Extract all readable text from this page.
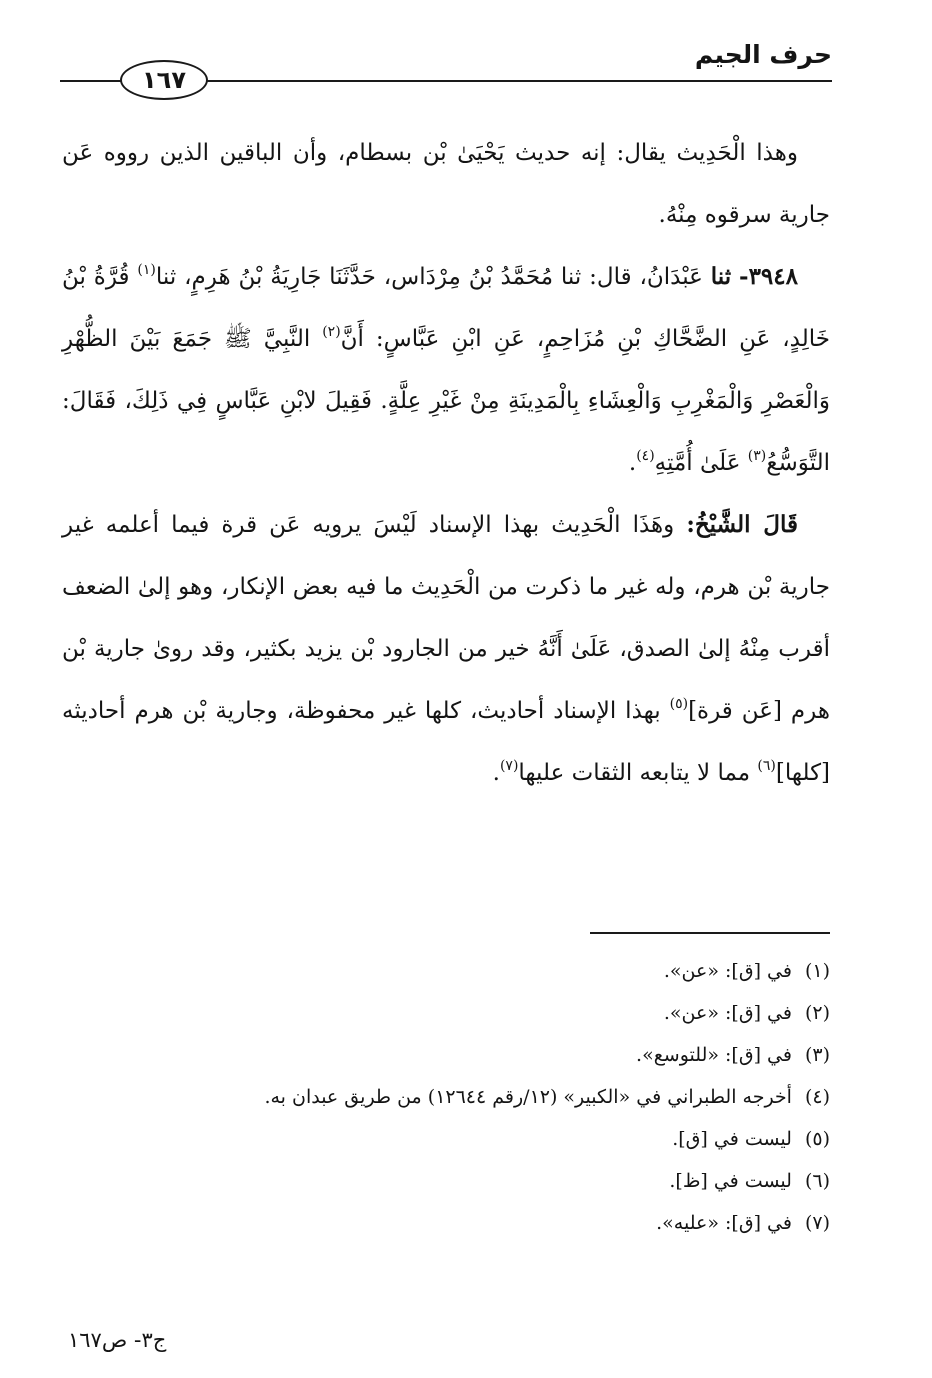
حرف الجيم
١٦٧

وهذا الْحَدِيث يقال: إنه حديث يَحْيَىٰ بْن بسطام، وأن الباقين الذين رووه عَن جارية سرقوه مِنْهُ.

٣٩٤٨- ثنا عَبْدَانُ، قال: ثنا مُحَمَّدُ بْنُ مِرْدَاس، حَدَّثَنَا جَارِيَةُ بْنُ هَرِمٍ، ثنا$^{(١)}$ قُرَّةُ بْنُ خَالِدٍ، عَنِ الضَّحَّاكِ بْنِ مُزَاحِمٍ، عَنِ ابْنِ عَبَّاسٍ: أَنَّ$^{(٢)}$ النَّبِيَّ ﷺ جَمَعَ بَيْنَ الظُّهْرِ وَالْعَصْرِ وَالْمَغْرِبِ وَالْعِشَاءِ بِالْمَدِينَةِ مِنْ غَيْرِ عِلَّةٍ. فَقِيلَ لابْنِ عَبَّاسٍ فِي ذَلِكَ، فَقَالَ: التَّوَسُّعُ$^{(٣)}$ عَلَىٰ أُمَّتِهِ$^{(٤)}$.

قَالَ الشَّيْخُ: وهَذَا الْحَدِيث بهذا الإسناد لَيْسَ يرويه عَن قرة فيما أعلمه غير جارية بْن هرم، وله غير ما ذكرت من الْحَدِيث ما فيه بعض الإنكار، وهو إلىٰ الضعف أقرب مِنْهُ إلىٰ الصدق، عَلَىٰ أَنَّهُ خير من الجارود بْن يزيد بكثير، وقد روىٰ جارية بْن هرم [عَن قرة]$^{(٥)}$ بهذا الإسناد أحاديث، كلها غير محفوظة، وجارية بْن هرم أحاديثه [كلها]$^{(٦)}$ مما لا يتابعه الثقات عليها$^{(٧)}$.

(١) في [ق]: «عن».
(٢) في [ق]: «عن».
(٣) في [ق]: «للتوسع».
(٤) أخرجه الطبراني في «الكبير» (١٢/رقم ١٢٦٤٤) من طريق عبدان به.
(٥) ليست في [ق].
(٦) ليست في [ظ].
(٧) في [ق]: «عليه».
ج٣- ص١٦٧
